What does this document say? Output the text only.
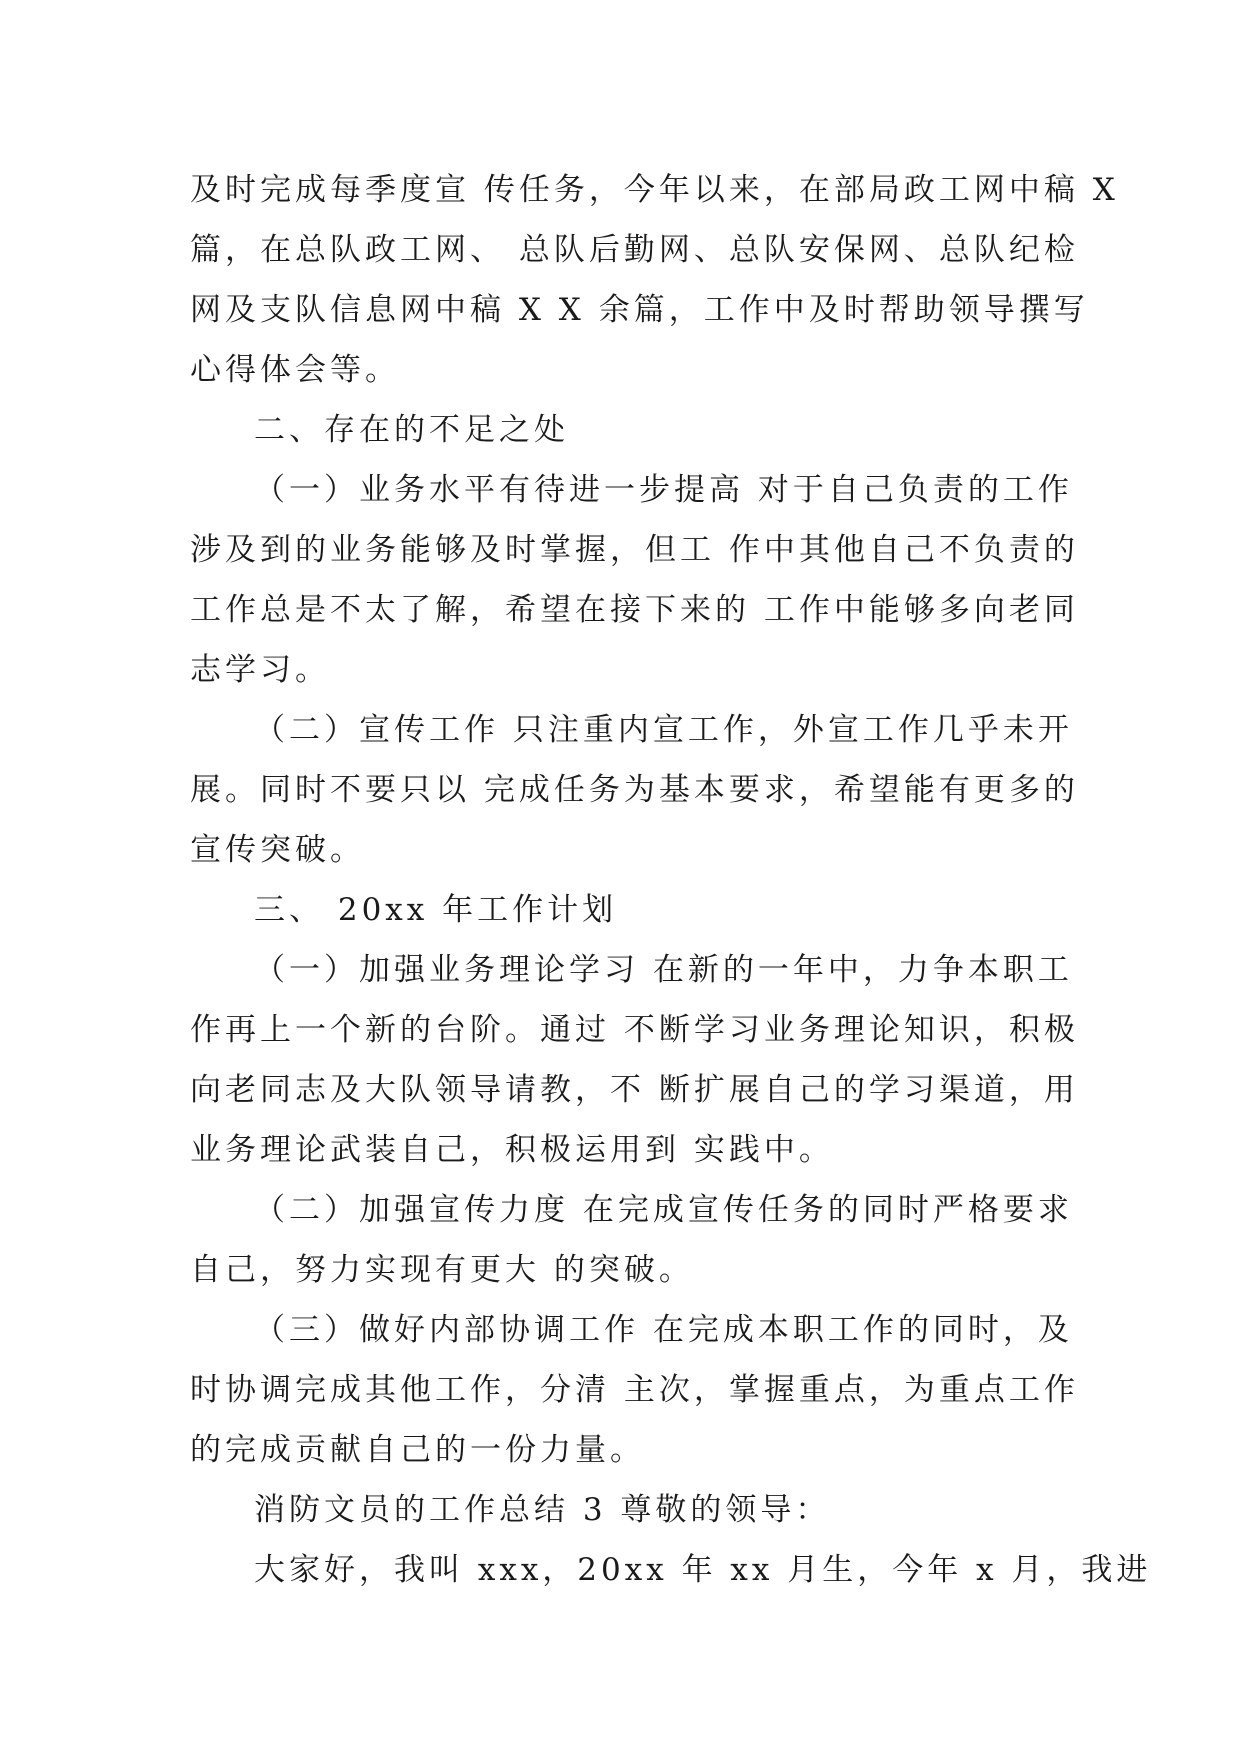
及时完成每季度宣 传任务，今年以来，在部局政工网中稿 X
篇，在总队政工网、 总队后勤网、总队安保网、总队纪检
网及支队信息网中稿 X X 余篇，工作中及时帮助领导撰写
心得体会等。
二、存在的不足之处
（一）业务水平有待进一步提高 对于自己负责的工作
涉及到的业务能够及时掌握，但工 作中其他自己不负责的
工作总是不太了解，希望在接下来的 工作中能够多向老同
志学习。
（二）宣传工作 只注重内宣工作，外宣工作几乎未开
展。同时不要只以 完成任务为基本要求，希望能有更多的
宣传突破。
三、 20xx 年工作计划
（一）加强业务理论学习 在新的一年中，力争本职工
作再上一个新的台阶。通过 不断学习业务理论知识，积极
向老同志及大队领导请教，不 断扩展自己的学习渠道，用
业务理论武装自己，积极运用到 实践中。
（二）加强宣传力度 在完成宣传任务的同时严格要求
自己，努力实现有更大 的突破。
（三）做好内部协调工作 在完成本职工作的同时，及
时协调完成其他工作，分清 主次，掌握重点，为重点工作
的完成贡献自己的一份力量。
消防文员的工作总结 3 尊敬的领导：
大家好，我叫 xxx，20xx 年 xx 月生，今年 x 月，我进
